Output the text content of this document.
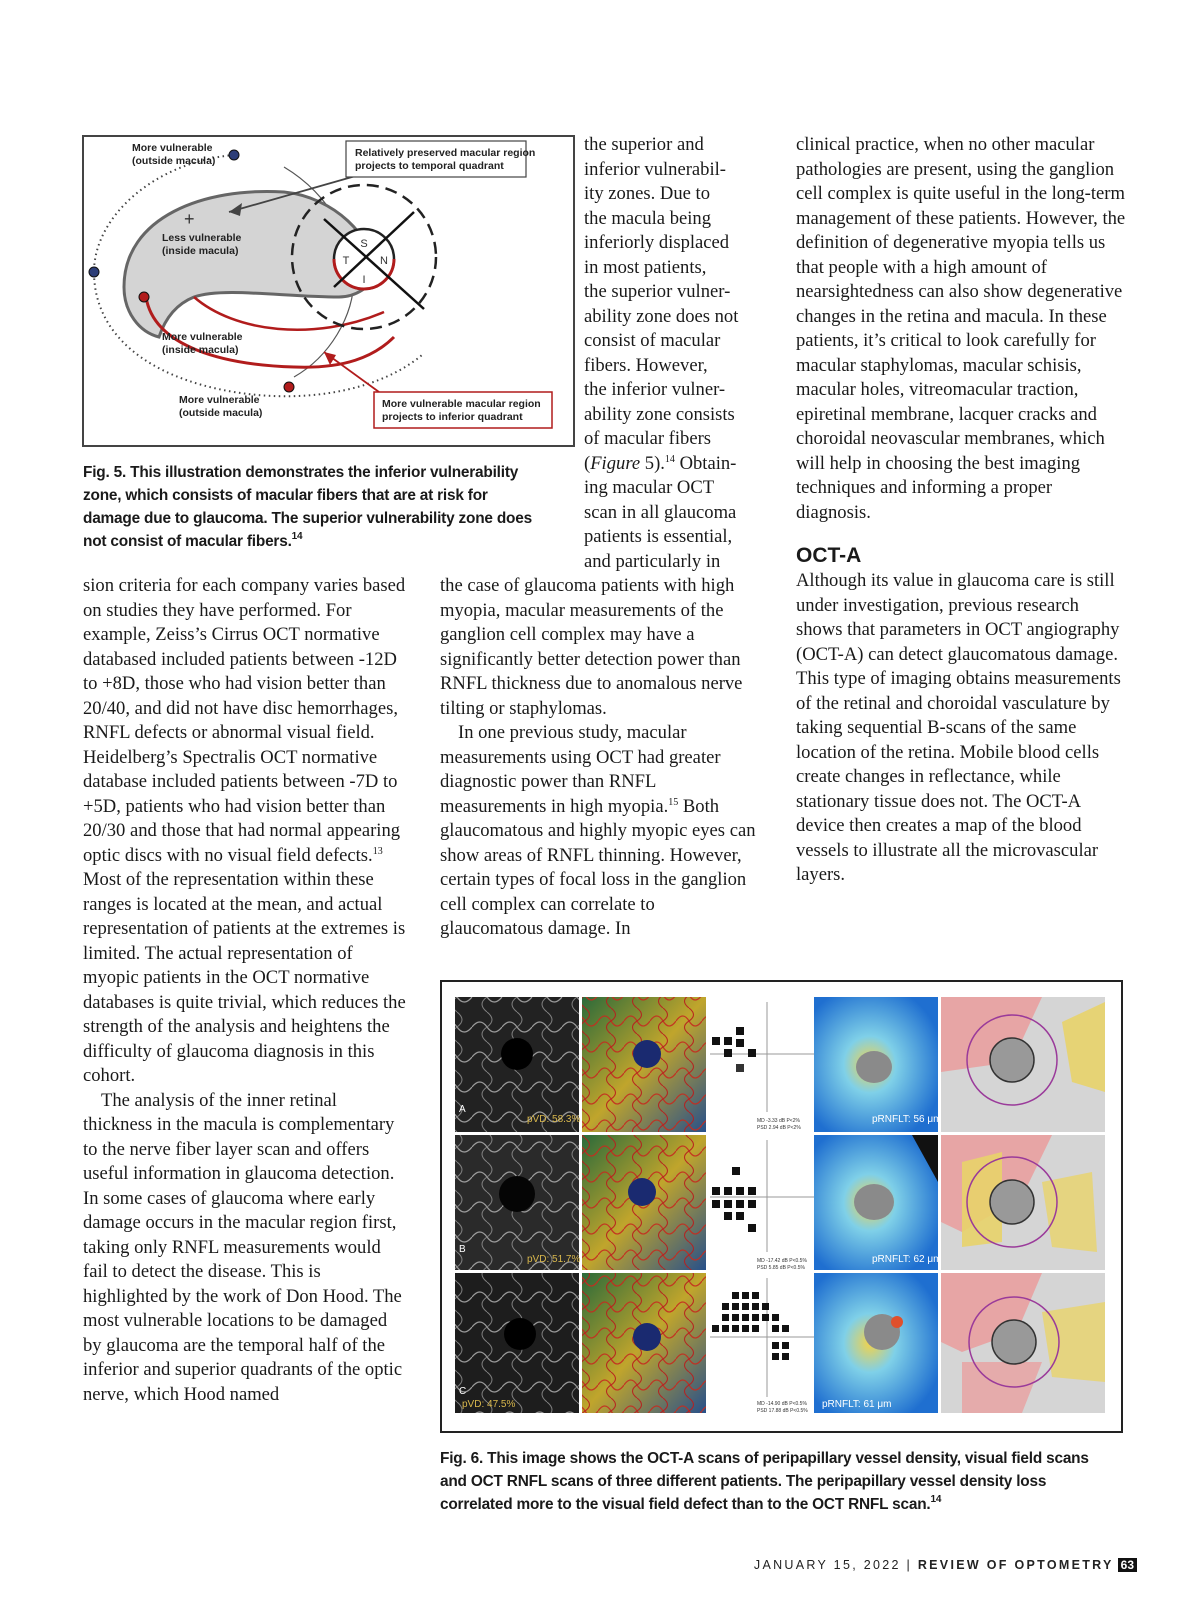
S
T	N
I
+
More vulnerable (outside macula)
Relatively preserved macular region projects to temporal quadrant
Less vulnerable (inside macula)
More vulnerable (inside macula)
More vulnerable (outside macula)
More vulnerable macular region projects to inferior quadrant
Fig. 5. This illustration demonstrates the inferior vulnerability
zone, which consists of macular fibers that are at risk for
damage due to glaucoma. The superior vulnerability zone does
not consist of macular fibers.$^{14}$
the superior and
inferior vulnerabil-
ity zones. Due to
the macula being
inferiorly displaced
in most patients,
the superior vulner-
ability zone does not
consist of macular
fibers. However,
the inferior vulner-
ability zone consists
of macular fibers
(Figure 5).$^{14}$ Obtain-
ing macular OCT
scan in all glaucoma
patients is essential,
and particularly in

sion criteria for each company varies based on studies they have performed. For example, Zeiss’s Cirrus OCT normative databased included patients between -12D to +8D, those who had vision better than 20/40, and did not have disc hemorrhages, RNFL defects or abnormal visual field. Heidelberg’s Spectralis OCT normative database included patients between -7D to +5D, patients who had vision better than 20/30 and those that had normal appearing optic discs with no visual field defects.$^{13}$ Most of the representation within these ranges is located at the mean, and actual representation of patients at the extremes is limited. The actual representation of myopic patients in the OCT normative databases is quite trivial, which reduces the strength of the analysis and heightens the difficulty of glaucoma diagnosis in this cohort.

The analysis of the inner retinal thickness in the macula is complementary to the nerve fiber layer scan and offers useful information in glaucoma detection. In some cases of glaucoma where early damage occurs in the macular region first, taking only RNFL measurements would fail to detect the disease. This is highlighted by the work of Don Hood. The most vulnerable locations to be damaged by glaucoma are the temporal half of the inferior and superior quadrants of the optic nerve, which Hood named

the case of glaucoma patients with high myopia, macular measurements of the ganglion cell complex may have a significantly better detection power than RNFL thickness due to anomalous nerve tilting or staphylomas.

In one previous study, macular measurements using OCT had greater diagnostic power than RNFL measurements in high myopia.$^{15}$ Both glaucomatous and highly myopic eyes can show areas of RNFL thinning. However, certain types of focal loss in the ganglion cell complex can correlate to glaucomatous damage. In

clinical practice, when no other macular pathologies are present, using the ganglion cell complex is quite useful in the long-term management of these patients. However, the definition of degenerative myopia tells us that people with a high amount of nearsightedness can also show degenerative changes in the retina and macula. In these patients, it’s critical to look carefully for macular staphylomas, macular schisis, macular holes, vitreomacular traction, epiretinal membrane, lacquer cracks and choroidal neovascular membranes, which will help in choosing the best imaging techniques and informing a proper diagnosis.

OCT-A

Although its value in glaucoma care is still under investigation, previous research shows that parameters in OCT angiography (OCT-A) can detect glaucomatous damage. This type of imaging obtains measurements of the retinal and choroidal vasculature by taking sequential B-scans of the same location of the retina. Mobile blood cells create changes in reflectance, while stationary tissue does not. The OCT-A device then creates a map of the blood vessels to illustrate all the microvascular layers.

A
pVD: 58.3%	MD -3.33 dB P<2%
PSD 2.94 dB P<2%
pRNFLT: 56 μm
B
pVD: 51.7%	MD -17.42 dB P<0.5%
PSD 5.85 dB P<0.5%
pRNFLT: 62 μm
C
pVD: 47.5%	MD -14.90 dB P<0.5%
PSD 17.88 dB P<0.5%
pRNFLT: 61 μm
Fig. 6. This image shows the OCT-A scans of peripapillary vessel density, visual field scans
and OCT RNFL scans of three different patients. The peripapillary vessel density loss
correlated more to the visual field defect than to the OCT RNFL scan.$^{14}$
JANUARY 15, 2022 | REVIEW OF OPTOMETRY 63
